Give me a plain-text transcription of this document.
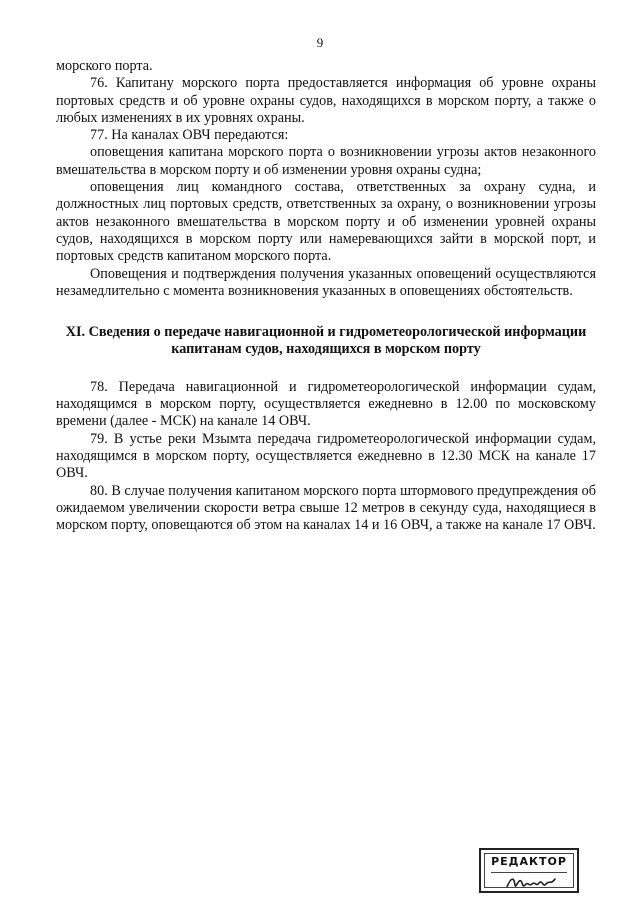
9

морского порта.

76. Капитану морского порта предоставляется информация об уровне охраны портовых средств и об уровне охраны судов, находящихся в морском порту, а также о любых изменениях в их уровнях охраны.

77. На каналах ОВЧ передаются:

оповещения капитана морского порта о возникновении угрозы актов незаконного вмешательства в морском порту и об изменении уровня охраны судна;

оповещения лиц командного состава, ответственных за охрану судна, и должностных лиц портовых средств, ответственных за охрану, о возникновении угрозы актов незаконного вмешательства в морском порту и об изменении уровней охраны судов, находящихся в морском порту или намеревающихся зайти в морской порт, и портовых средств капитаном морского порта.

Оповещения и подтверждения получения указанных оповещений осуществляются незамедлительно с момента возникновения указанных в оповещениях обстоятельств.

XI. Сведения о передаче навигационной и гидрометеорологической информации капитанам судов, находящихся в морском порту

78. Передача навигационной и гидрометеорологической информации судам, находящимся в морском порту, осуществляется ежедневно в 12.00 по московскому времени (далее - МСК) на канале 14 ОВЧ.

79. В устье реки Мзымта передача гидрометеорологической информации судам, находящимся в морском порту, осуществляется ежедневно в 12.30 МСК на канале 17 ОВЧ.

80. В случае получения капитаном морского порта штормового предупреждения об ожидаемом увеличении скорости ветра свыше 12 метров в секунду суда, находящиеся в морском порту, оповещаются об этом на каналах 14 и 16 ОВЧ, а также на канале 17 ОВЧ.

РЕДАКТОР
